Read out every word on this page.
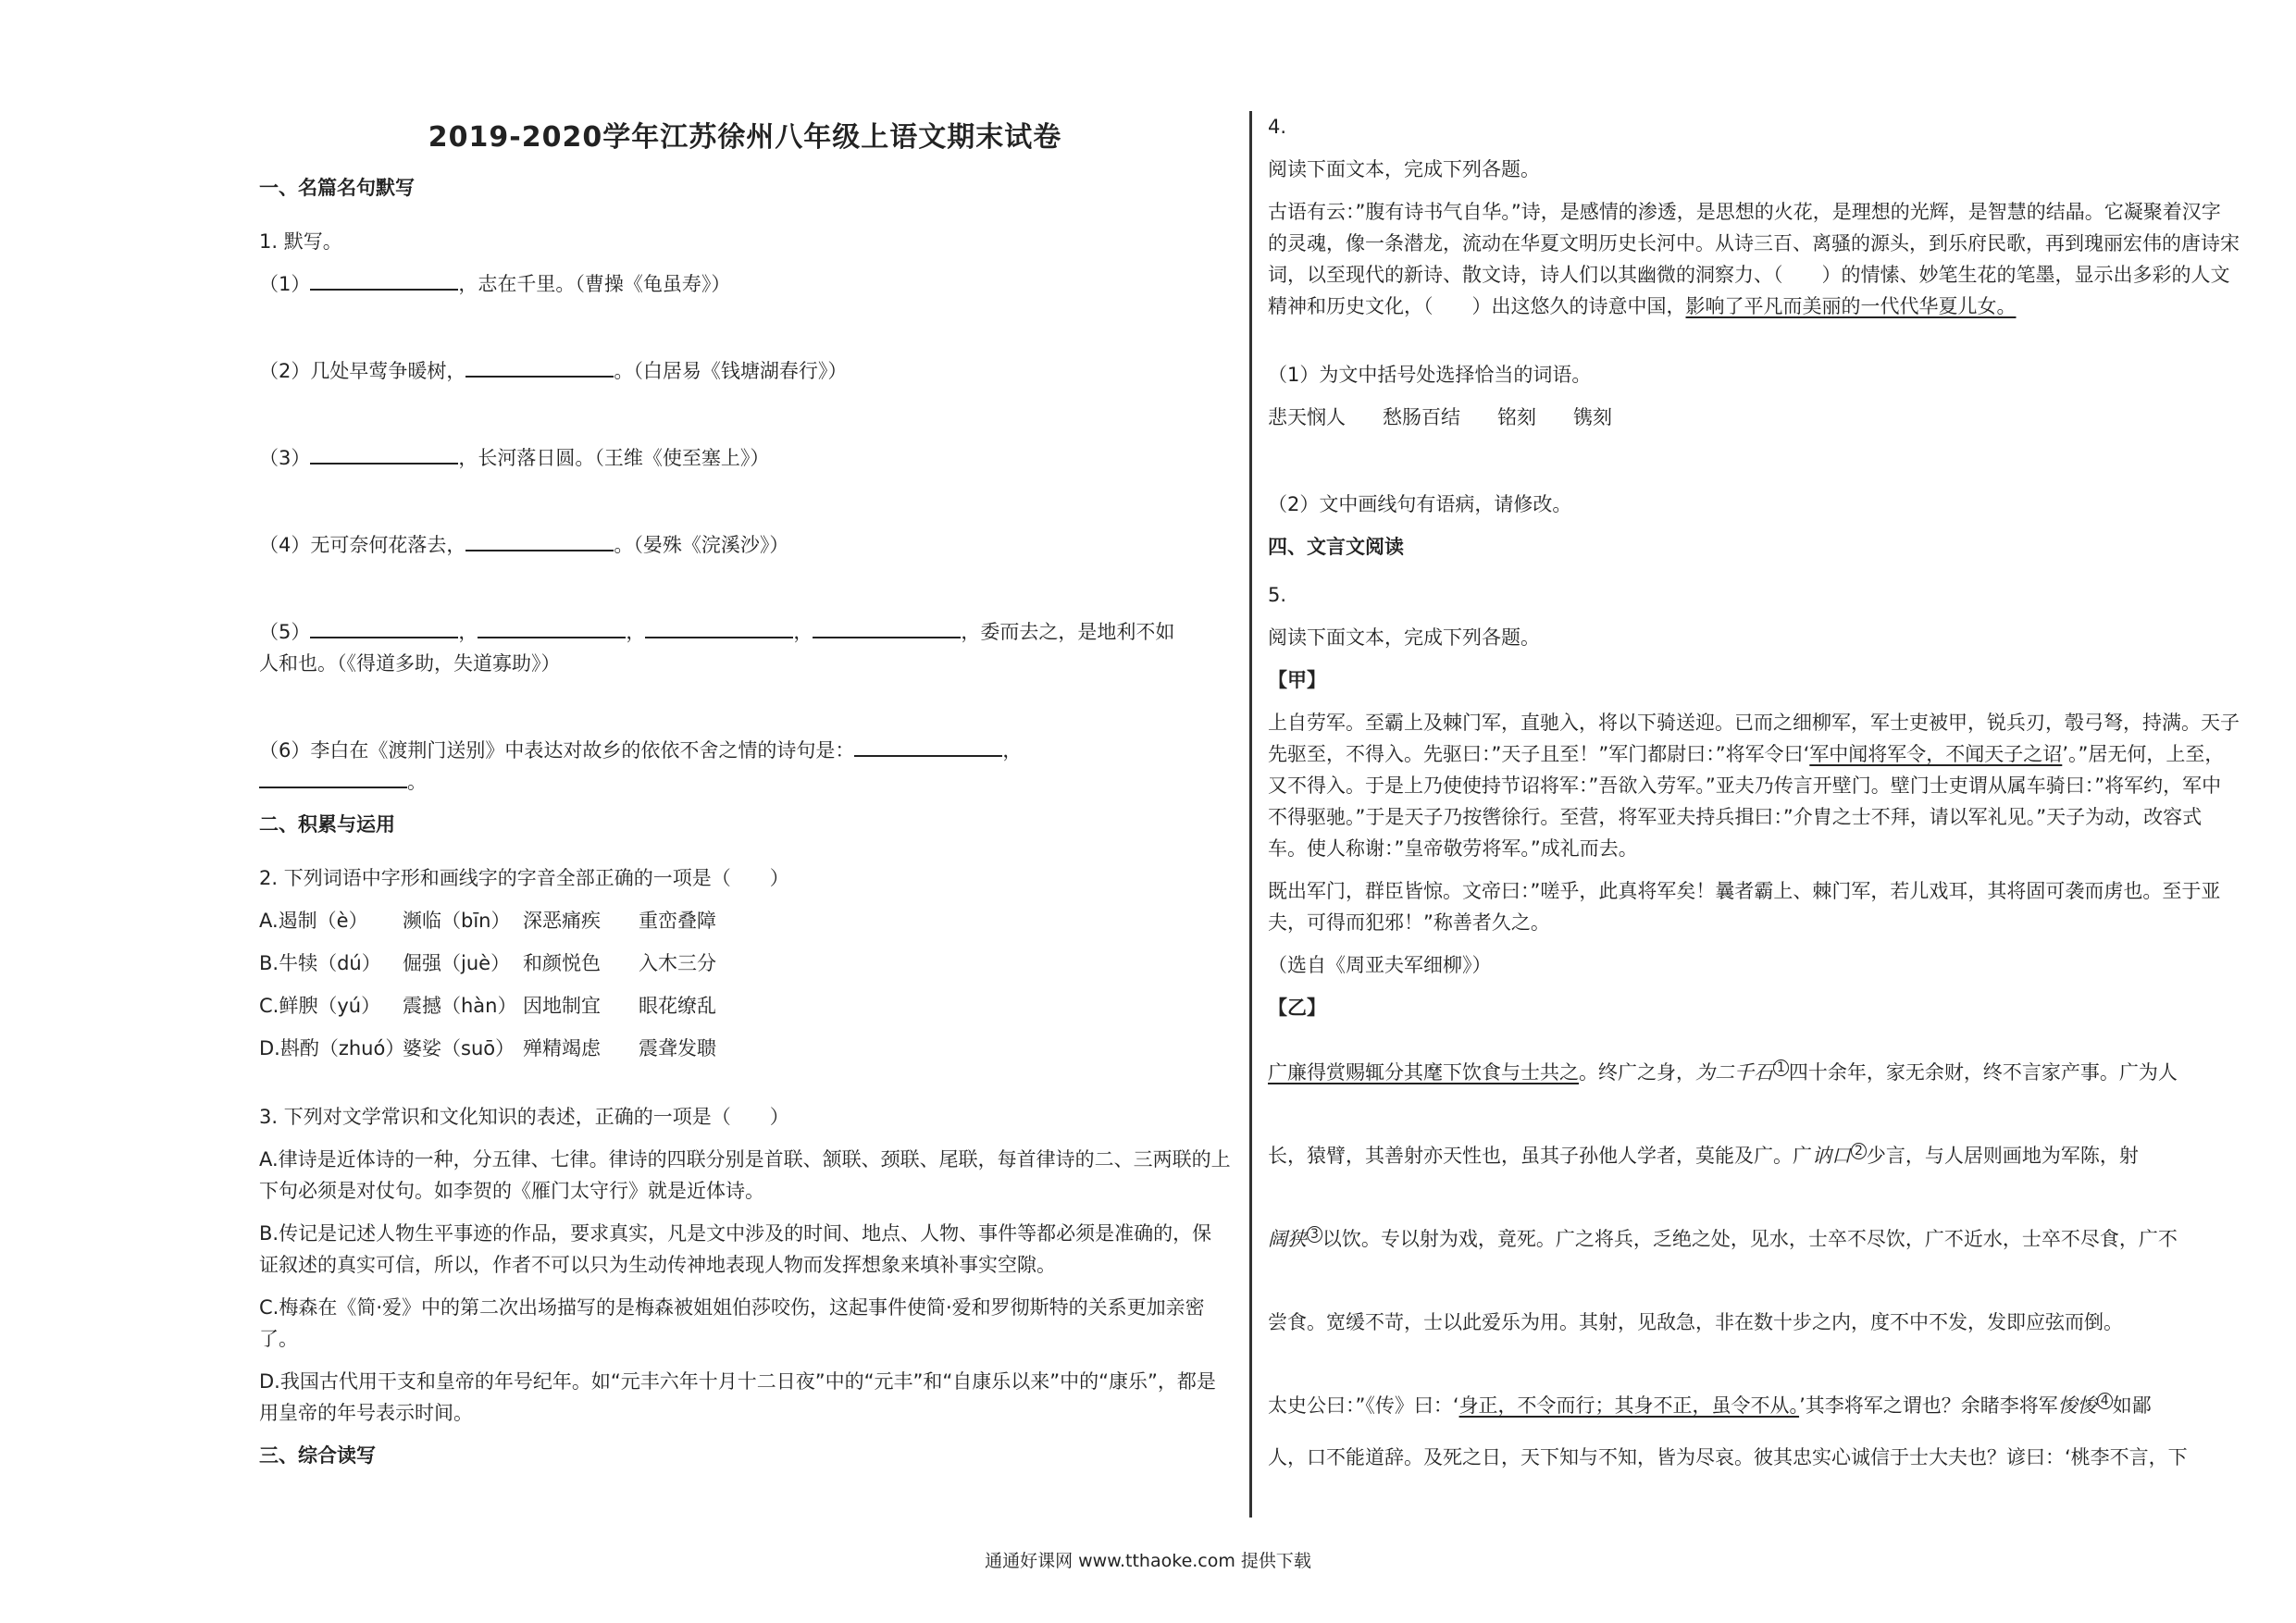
2019-2020学年江苏徐州八年级上语文期末试卷
一、名篇名句默写
1. 默写。
（1）	，志在千里。（曹操《龟虽寿》）
（2）几处早莺争暖树，	。（白居易《钱塘湖春行》）
（3）	，长河落日圆。（王维《使至塞上》）
（4）无可奈何花落去，	。（晏殊《浣溪沙》）
（5）	，	，	，	，委而去之，是地利不如
人和也。（《得道多助，失道寡助》）
（6）李白在《渡荆门送别》中表达对故乡的依依不舍之情的诗句是：	，
。
二、积累与运用
2. 下列词语中字形和画线字的字音全部正确的一项是（　　）
A.遏制（è） 濒临（bīn） 深恶痛疾 重峦叠障
B.牛犊（dú） 倔强（juè） 和颜悦色 入木三分
C.鲜腴（yú） 震撼（hàn） 因地制宜 眼花缭乱
D.斟酌（zhuó）婆娑（suō） 殚精竭虑 震聋发聩
3. 下列对文学常识和文化知识的表述，正确的一项是（　　）
A.律诗是近体诗的一种，分五律、七律。律诗的四联分别是首联、颔联、颈联、尾联，每首律诗的二、三两联的上下句必须是对仗句。如李贺的《雁门太守行》就是近体诗。
B.传记是记述人物生平事迹的作品，要求真实，凡是文中涉及的时间、地点、人物、事件等都必须是准确的，保证叙述的真实可信，所以，作者不可以只为生动传神地表现人物而发挥想象来填补事实空隙。
C.梅森在《简·爱》中的第二次出场描写的是梅森被姐姐伯莎咬伤，这起事件使简·爱和罗彻斯特的关系更加亲密了。
D.我国古代用干支和皇帝的年号纪年。如“元丰六年十月十二日夜”中的“元丰”和“自康乐以来”中的“康乐”，都是用皇帝的年号表示时间。
三、综合读写
4.
阅读下面文本，完成下列各题。
古语有云：”腹有诗书气自华。”诗，是感情的渗透，是思想的火花，是理想的光辉，是智慧的结晶。它凝聚着汉字的灵魂，像一条潜龙，流动在华夏文明历史长河中。从诗三百、离骚的源头，到乐府民歌，再到瑰丽宏伟的唐诗宋词，以至现代的新诗、散文诗，诗人们以其幽微的洞察力、（　　）的情愫、妙笔生花的笔墨，显示出多彩的人文精神和历史文化，（　　）出这悠久的诗意中国，影响了平凡而美丽的一代代华夏儿女。
（1）为文中括号处选择恰当的词语。
悲天悯人 愁肠百结 铭刻 镌刻
（2）文中画线句有语病，请修改。
四、文言文阅读
5.
阅读下面文本，完成下列各题。
【甲】
上自劳军。至霸上及棘门军，直驰入，将以下骑送迎。已而之细柳军，军士吏被甲，锐兵刃，彀弓弩，持满。天子先驱至，不得入。先驱曰：”天子且至！”军门都尉曰：”将军令曰‘军中闻将军令，不闻天子之诏’。”居无何，上至，又不得入。于是上乃使使持节诏将军：”吾欲入劳军。”亚夫乃传言开壁门。壁门士吏谓从属车骑曰：”将军约，军中不得驱驰。”于是天子乃按辔徐行。至营，将军亚夫持兵揖曰：”介胄之士不拜，请以军礼见。”天子为动，改容式车。使人称谢：”皇帝敬劳将军。”成礼而去。
既出军门，群臣皆惊。文帝曰：”嗟乎，此真将军矣！曩者霸上、棘门军，若儿戏耳，其将固可袭而虏也。至于亚夫，可得而犯邪！”称善者久之。
（选自《周亚夫军细柳》）
【乙】
广廉得赏赐辄分其麾下饮食与士共之。终广之身，为二千石 $^1$ 四十余年，家无余财，终不言家产事。广为人
长，猿臂，其善射亦天性也，虽其子孙他人学者，莫能及广。广讷口 $^2$ 少言，与人居则画地为军陈，射
阔狭 $^3$ 以饮。专以射为戏，竟死。广之将兵，乏绝之处，见水，士卒不尽饮，广不近水，士卒不尽食，广不
尝食。宽缓不苛，士以此爱乐为用。其射，见敌急，非在数十步之内，度不中不发，发即应弦而倒。
太史公曰：”《传》曰：‘身正，不令而行；其身不正，虽令不从。’其李将军之谓也？余睹李将军悛悛 $^4$ 如鄙
人，口不能道辞。及死之日，天下知与不知，皆为尽哀。彼其忠实心诚信于士大夫也？谚曰：‘桃李不言，下
通通好课网 www.tthaoke.com 提供下载
